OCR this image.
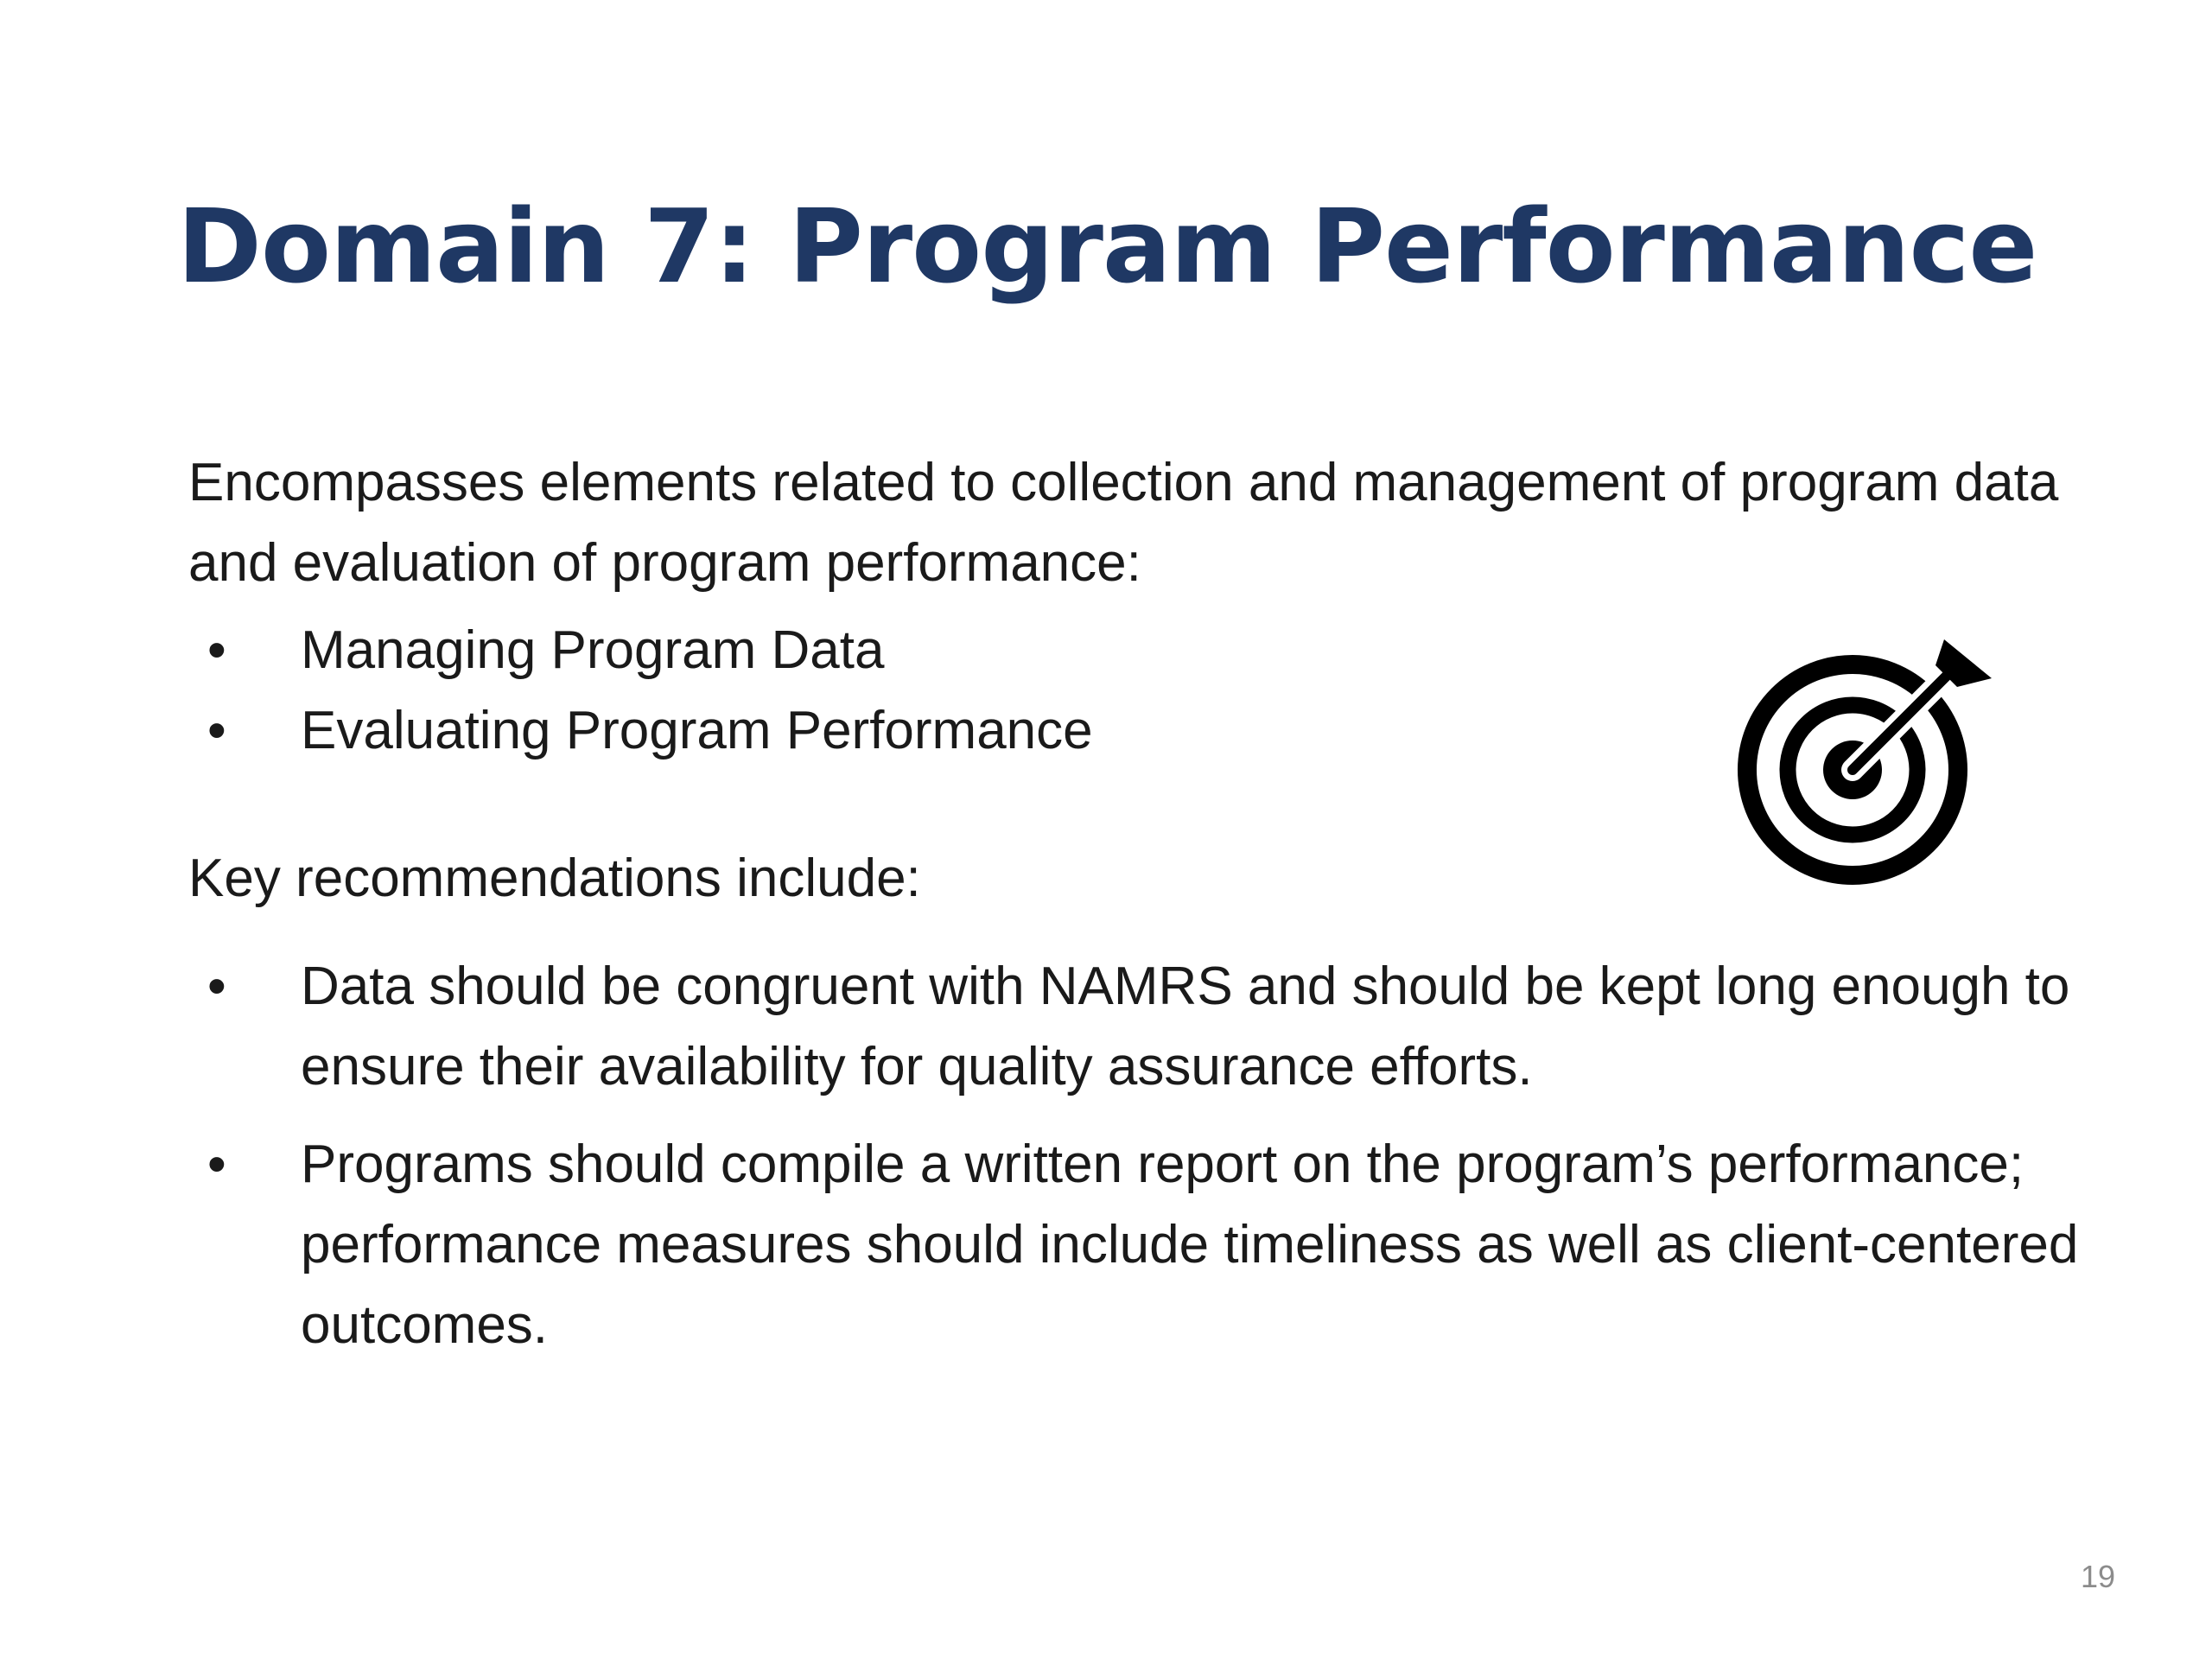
Domain 7: Program Performance

Encompasses elements related to collection and management of program data and evaluation of program performance:

• Managing Program Data
• Evaluating Program Performance

Key recommendations include:

• Data should be congruent with NAMRS and should be kept long enough to ensure their availability for quality assurance efforts.
• Programs should compile a written report on the program’s performance; performance measures should include timeliness as well as client-centered outcomes.
19
